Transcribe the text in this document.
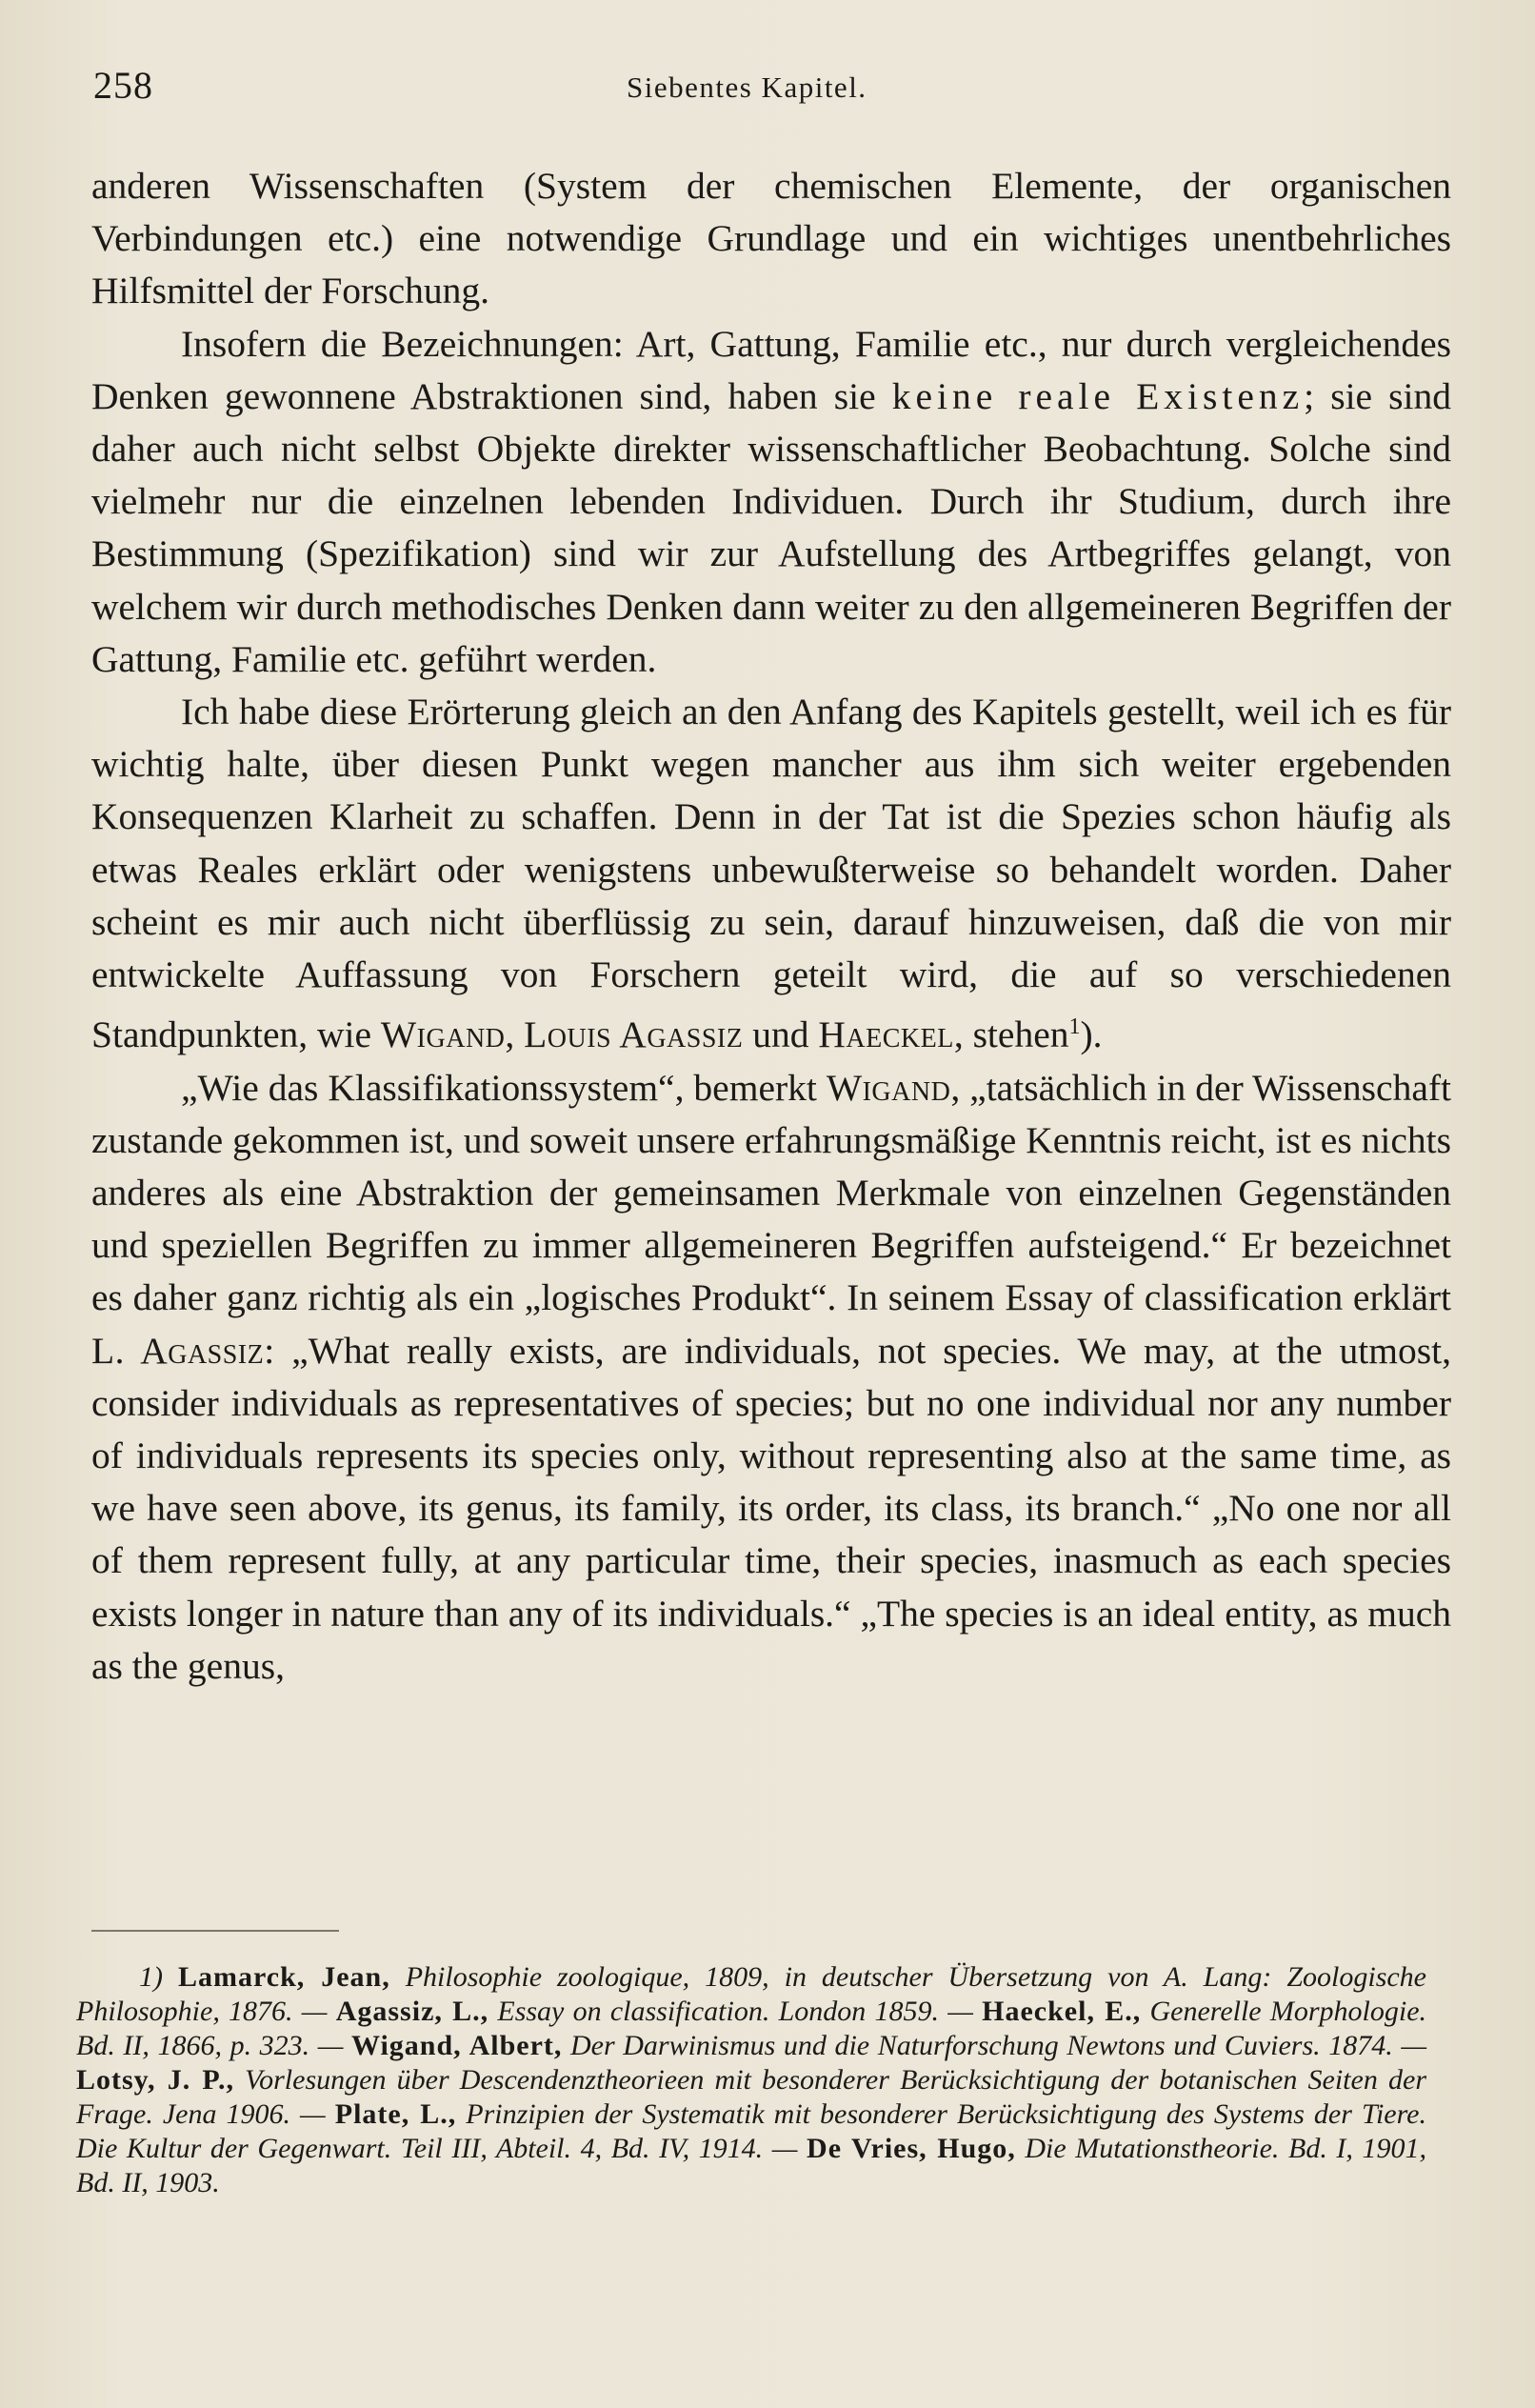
258	Siebentes Kapitel.

anderen Wissenschaften (System der chemischen Elemente, der organischen Verbindungen etc.) eine notwendige Grundlage und ein wichtiges unentbehrliches Hilfsmittel der Forschung.

Insofern die Bezeichnungen: Art, Gattung, Familie etc., nur durch vergleichendes Denken gewonnene Abstraktionen sind, haben sie keine reale Existenz; sie sind daher auch nicht selbst Objekte direkter wissenschaftlicher Beobachtung. Solche sind vielmehr nur die einzelnen lebenden Individuen. Durch ihr Studium, durch ihre Bestimmung (Spezifikation) sind wir zur Aufstellung des Artbegriffes gelangt, von welchem wir durch methodisches Denken dann weiter zu den allgemeineren Begriffen der Gattung, Familie etc. geführt werden.

Ich habe diese Erörterung gleich an den Anfang des Kapitels gestellt, weil ich es für wichtig halte, über diesen Punkt wegen mancher aus ihm sich weiter ergebenden Konsequenzen Klarheit zu schaffen. Denn in der Tat ist die Spezies schon häufig als etwas Reales erklärt oder wenigstens unbewußterweise so behandelt worden. Daher scheint es mir auch nicht überflüssig zu sein, darauf hinzuweisen, daß die von mir entwickelte Auffassung von Forschern geteilt wird, die auf so verschiedenen Standpunkten, wie Wigand, Louis Agassiz und Haeckel, stehen$^1$).

„Wie das Klassifikationssystem“, bemerkt Wigand, „tatsächlich in der Wissenschaft zustande gekommen ist, und soweit unsere erfahrungsmäßige Kenntnis reicht, ist es nichts anderes als eine Abstraktion der gemeinsamen Merkmale von einzelnen Gegenständen und speziellen Begriffen zu immer allgemeineren Begriffen aufsteigend.“ Er bezeichnet es daher ganz richtig als ein „logisches Produkt“. In seinem Essay of classification erklärt L. Agassiz: „What really exists, are individuals, not species. We may, at the utmost, consider individuals as representatives of species; but no one individual nor any number of individuals represents its species only, without representing also at the same time, as we have seen above, its genus, its family, its order, its class, its branch.“ „No one nor all of them represent fully, at any particular time, their species, inasmuch as each species exists longer in nature than any of its individuals.“ „The species is an ideal entity, as much as the genus,

1) Lamarck, Jean, Philosophie zoologique, 1809, in deutscher Übersetzung von A. Lang: Zoologische Philosophie, 1876. — Agassiz, L., Essay on classification. London 1859. — Haeckel, E., Generelle Morphologie. Bd. II, 1866, p. 323. — Wigand, Albert, Der Darwinismus und die Naturforschung Newtons und Cuviers. 1874. — Lotsy, J. P., Vorlesungen über Descendenztheorieen mit besonderer Berücksichtigung der botanischen Seiten der Frage. Jena 1906. — Plate, L., Prinzipien der Systematik mit besonderer Berücksichtigung des Systems der Tiere. Die Kultur der Gegenwart. Teil III, Abteil. 4, Bd. IV, 1914. — De Vries, Hugo, Die Mutationstheorie. Bd. I, 1901, Bd. II, 1903.
